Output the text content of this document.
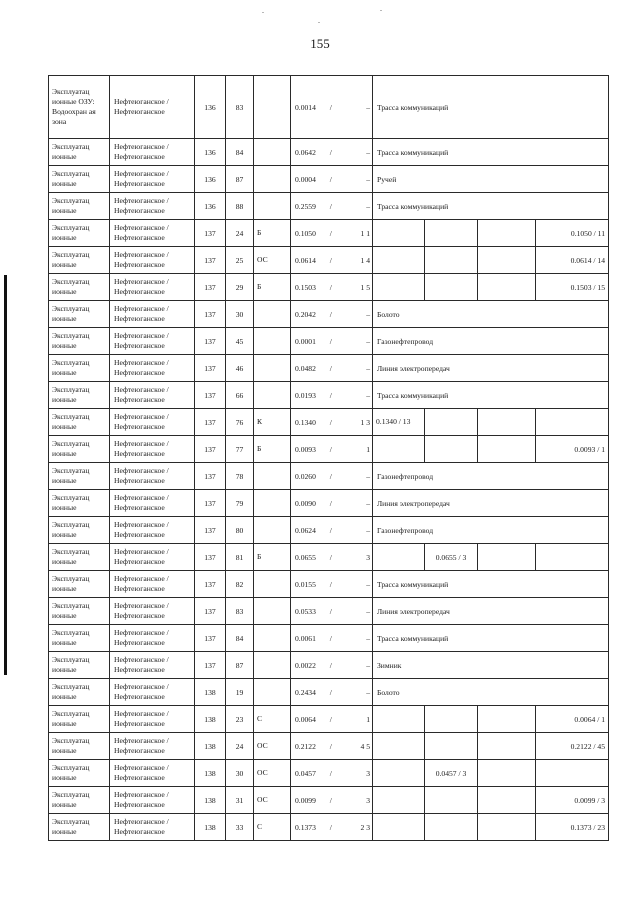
155
Эксплуатац ионные ОЗУ: Водоохран ая зона	Нефтеюганское / Нефтеюганское	136	83		0.0014 / –	Трасса коммуникаций			
Эксплуатац ионные	Нефтеюганское / Нефтеюганское	136	84		0.0642 / –	Трасса коммуникаций			
Эксплуатац ионные	Нефтеюганское / Нефтеюганское	136	87		0.0004 / –	Ручей			
Эксплуатац ионные	Нефтеюганское / Нефтеюганское	136	88		0.2559 / –	Трасса коммуникаций			
Эксплуатац ионные	Нефтеюганское / Нефтеюганское	137	24	Б	0.1050 / 1 1				0.1050 / 11
Эксплуатац ионные	Нефтеюганское / Нефтеюганское	137	25	ОС	0.0614 / 1 4				0.0614 / 14
Эксплуатац ионные	Нефтеюганское / Нефтеюганское	137	29	Б	0.1503 / 1 5				0.1503 / 15
Эксплуатац ионные	Нефтеюганское / Нефтеюганское	137	30		0.2042 / –	Болото			
Эксплуатац ионные	Нефтеюганское / Нефтеюганское	137	45		0.0001 / –	Газонефтепровод			
Эксплуатац ионные	Нефтеюганское / Нефтеюганское	137	46		0.0482 / –	Линия электропередач			
Эксплуатац ионные	Нефтеюганское / Нефтеюганское	137	66		0.0193 / –	Трасса коммуникаций			
Эксплуатац ионные	Нефтеюганское / Нефтеюганское	137	76	К	0.1340 / 1 3	0.1340 / 13			
Эксплуатац ионные	Нефтеюганское / Нефтеюганское	137	77	Б	0.0093 / 1				0.0093 / 1
Эксплуатац ионные	Нефтеюганское / Нефтеюганское	137	78		0.0260 / –	Газонефтепровод			
Эксплуатац ионные	Нефтеюганское / Нефтеюганское	137	79		0.0090 / –	Линия электропередач			
Эксплуатац ионные	Нефтеюганское / Нефтеюганское	137	80		0.0624 / –	Газонефтепровод			
Эксплуатац ионные	Нефтеюганское / Нефтеюганское	137	81	Б	0.0655 / 3		0.0655 / 3		
Эксплуатац ионные	Нефтеюганское / Нефтеюганское	137	82		0.0155 / –	Трасса коммуникаций			
Эксплуатац ионные	Нефтеюганское / Нефтеюганское	137	83		0.0533 / –	Линия электропередач			
Эксплуатац ионные	Нефтеюганское / Нефтеюганское	137	84		0.0061 / –	Трасса коммуникаций			
Эксплуатац ионные	Нефтеюганское / Нефтеюганское	137	87		0.0022 / –	Зимник			
Эксплуатац ионные	Нефтеюганское / Нефтеюганское	138	19		0.2434 / –	Болото			
Эксплуатац ионные	Нефтеюганское / Нефтеюганское	138	23	С	0.0064 / 1				0.0064 / 1
Эксплуатац ионные	Нефтеюганское / Нефтеюганское	138	24	ОС	0.2122 / 4 5				0.2122 / 45
Эксплуатац ионные	Нефтеюганское / Нефтеюганское	138	30	ОС	0.0457 / 3		0.0457 / 3		
Эксплуатац ионные	Нефтеюганское / Нефтеюганское	138	31	ОС	0.0099 / 3				0.0099 / 3
Эксплуатац ионные	Нефтеюганское / Нефтеюганское	138	33	С	0.1373 / 2 3				0.1373 / 23
